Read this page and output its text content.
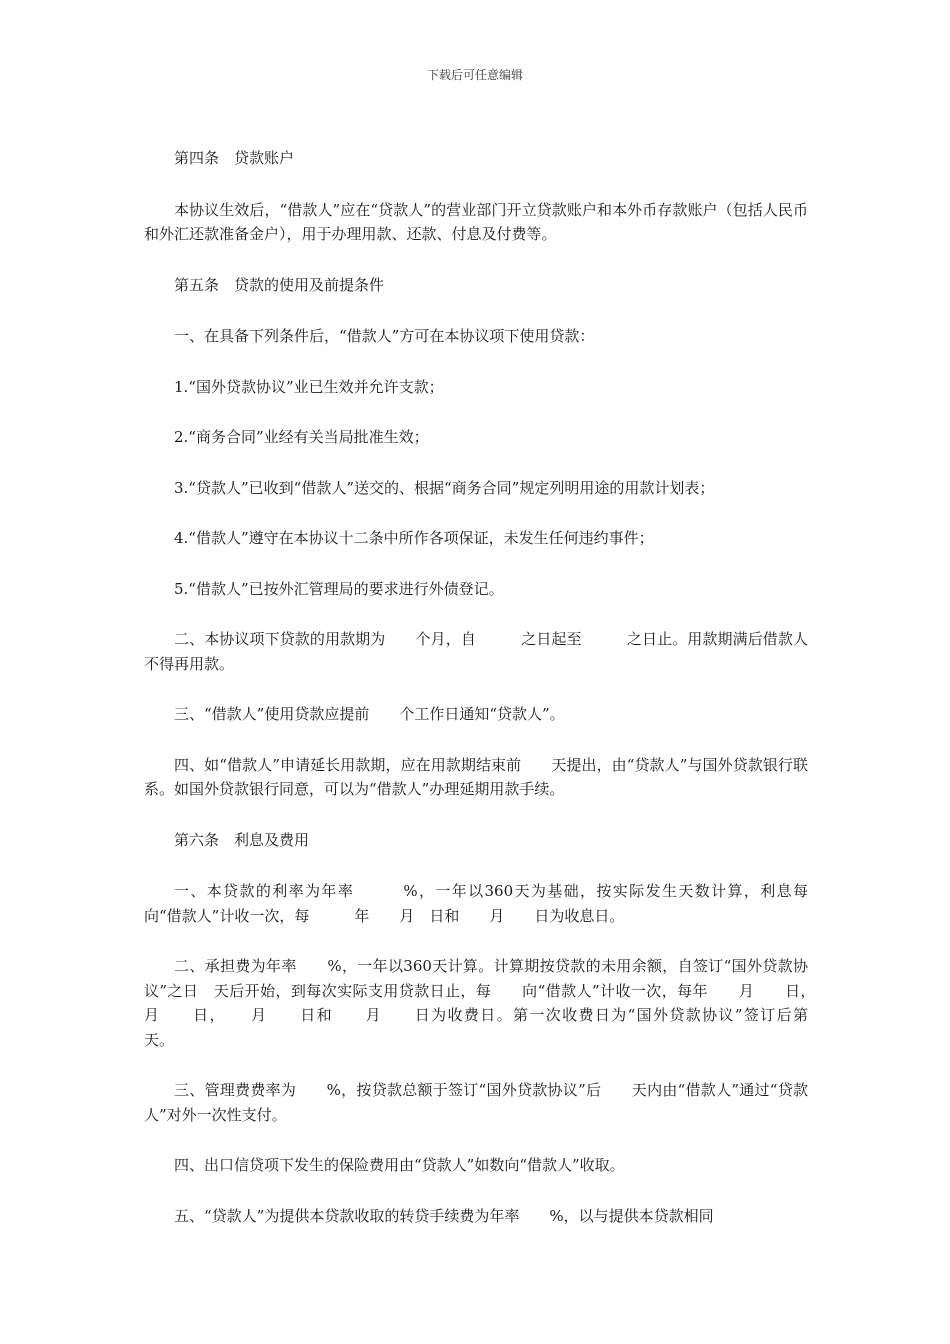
下载后可任意编辑

第四条　贷款账户

本协议生效后，“借款人”应在“贷款人”的营业部门开立贷款账户和本外币存款账户（包括人民币和外汇还款准备金户），用于办理用款、还款、付息及付费等。

第五条　贷款的使用及前提条件

一、在具备下列条件后，“借款人”方可在本协议项下使用贷款：

1.“国外贷款协议”业已生效并允许支款；

2.“商务合同”业经有关当局批准生效；

3.“贷款人”已收到“借款人”送交的、根据“商务合同”规定列明用途的用款计划表；

4.“借款人”遵守在本协议十二条中所作各项保证，未发生任何违约事件；

5.“借款人”已按外汇管理局的要求进行外债登记。

二、本协议项下贷款的用款期为　　个月，自　　　之日起至　　　之日止。用款期满后借款人不得再用款。

三、“借款人”使用贷款应提前　　个工作日通知“贷款人”。

四、如“借款人”申请延长用款期，应在用款期结束前　　天提出，由“贷款人”与国外贷款银行联系。如国外贷款银行同意，可以为“借款人”办理延期用款手续。

第六条　利息及费用

一、本贷款的利率为年率　　　%，一年以360天为基础，按实际发生天数计算，利息每　　　向“借款人”计收一次，每　　　年　　月　日和　　月　　日为收息日。

二、承担费为年率　　%，一年以360天计算。计算期按贷款的未用余额，自签订“国外贷款协议”之日　天后开始，到每次实际支用贷款日止，每　　向“借款人”计收一次，每年　　月　　日，　　月　　日，　　月　　日和　　月　　日为收费日。第一次收费日为“国外贷款协议”签订后第　　天。

三、管理费费率为　　%，按贷款总额于签订“国外贷款协议”后　　天内由“借款人”通过“贷款人”对外一次性支付。

四、出口信贷项下发生的保险费用由“贷款人”如数向“借款人”收取。

五、“贷款人”为提供本贷款收取的转贷手续费为年率　　%，以与提供本贷款相同
